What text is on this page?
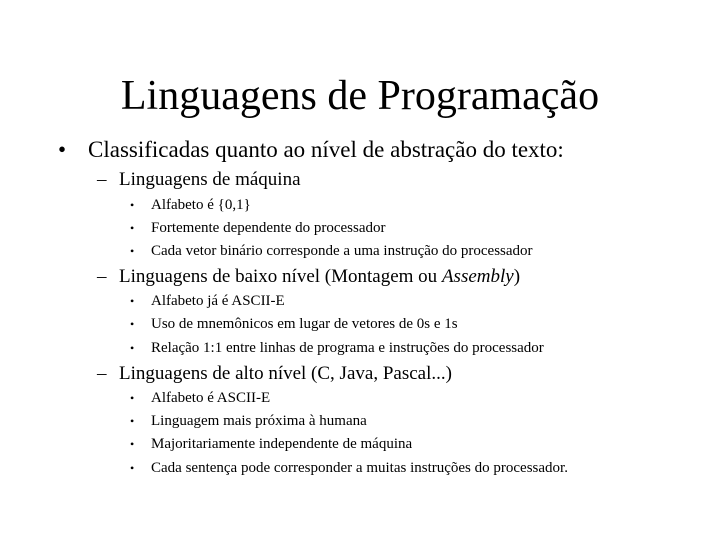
Linguagens de Programação
• Classificadas quanto ao nível de abstração do texto:
– Linguagens de máquina
• Alfabeto é {0,1}
• Fortemente dependente do processador
• Cada vetor binário corresponde a uma instrução do processador
– Linguagens de baixo nível (Montagem ou Assembly)
• Alfabeto já é ASCII-E
• Uso de mnemônicos em lugar de vetores de 0s e 1s
• Relação 1:1 entre linhas de programa e instruções do processador
– Linguagens de alto nível (C, Java, Pascal...)
• Alfabeto é ASCII-E
• Linguagem mais próxima à humana
• Majoritariamente independente de máquina
• Cada sentença pode corresponder a muitas instruções do processador.
